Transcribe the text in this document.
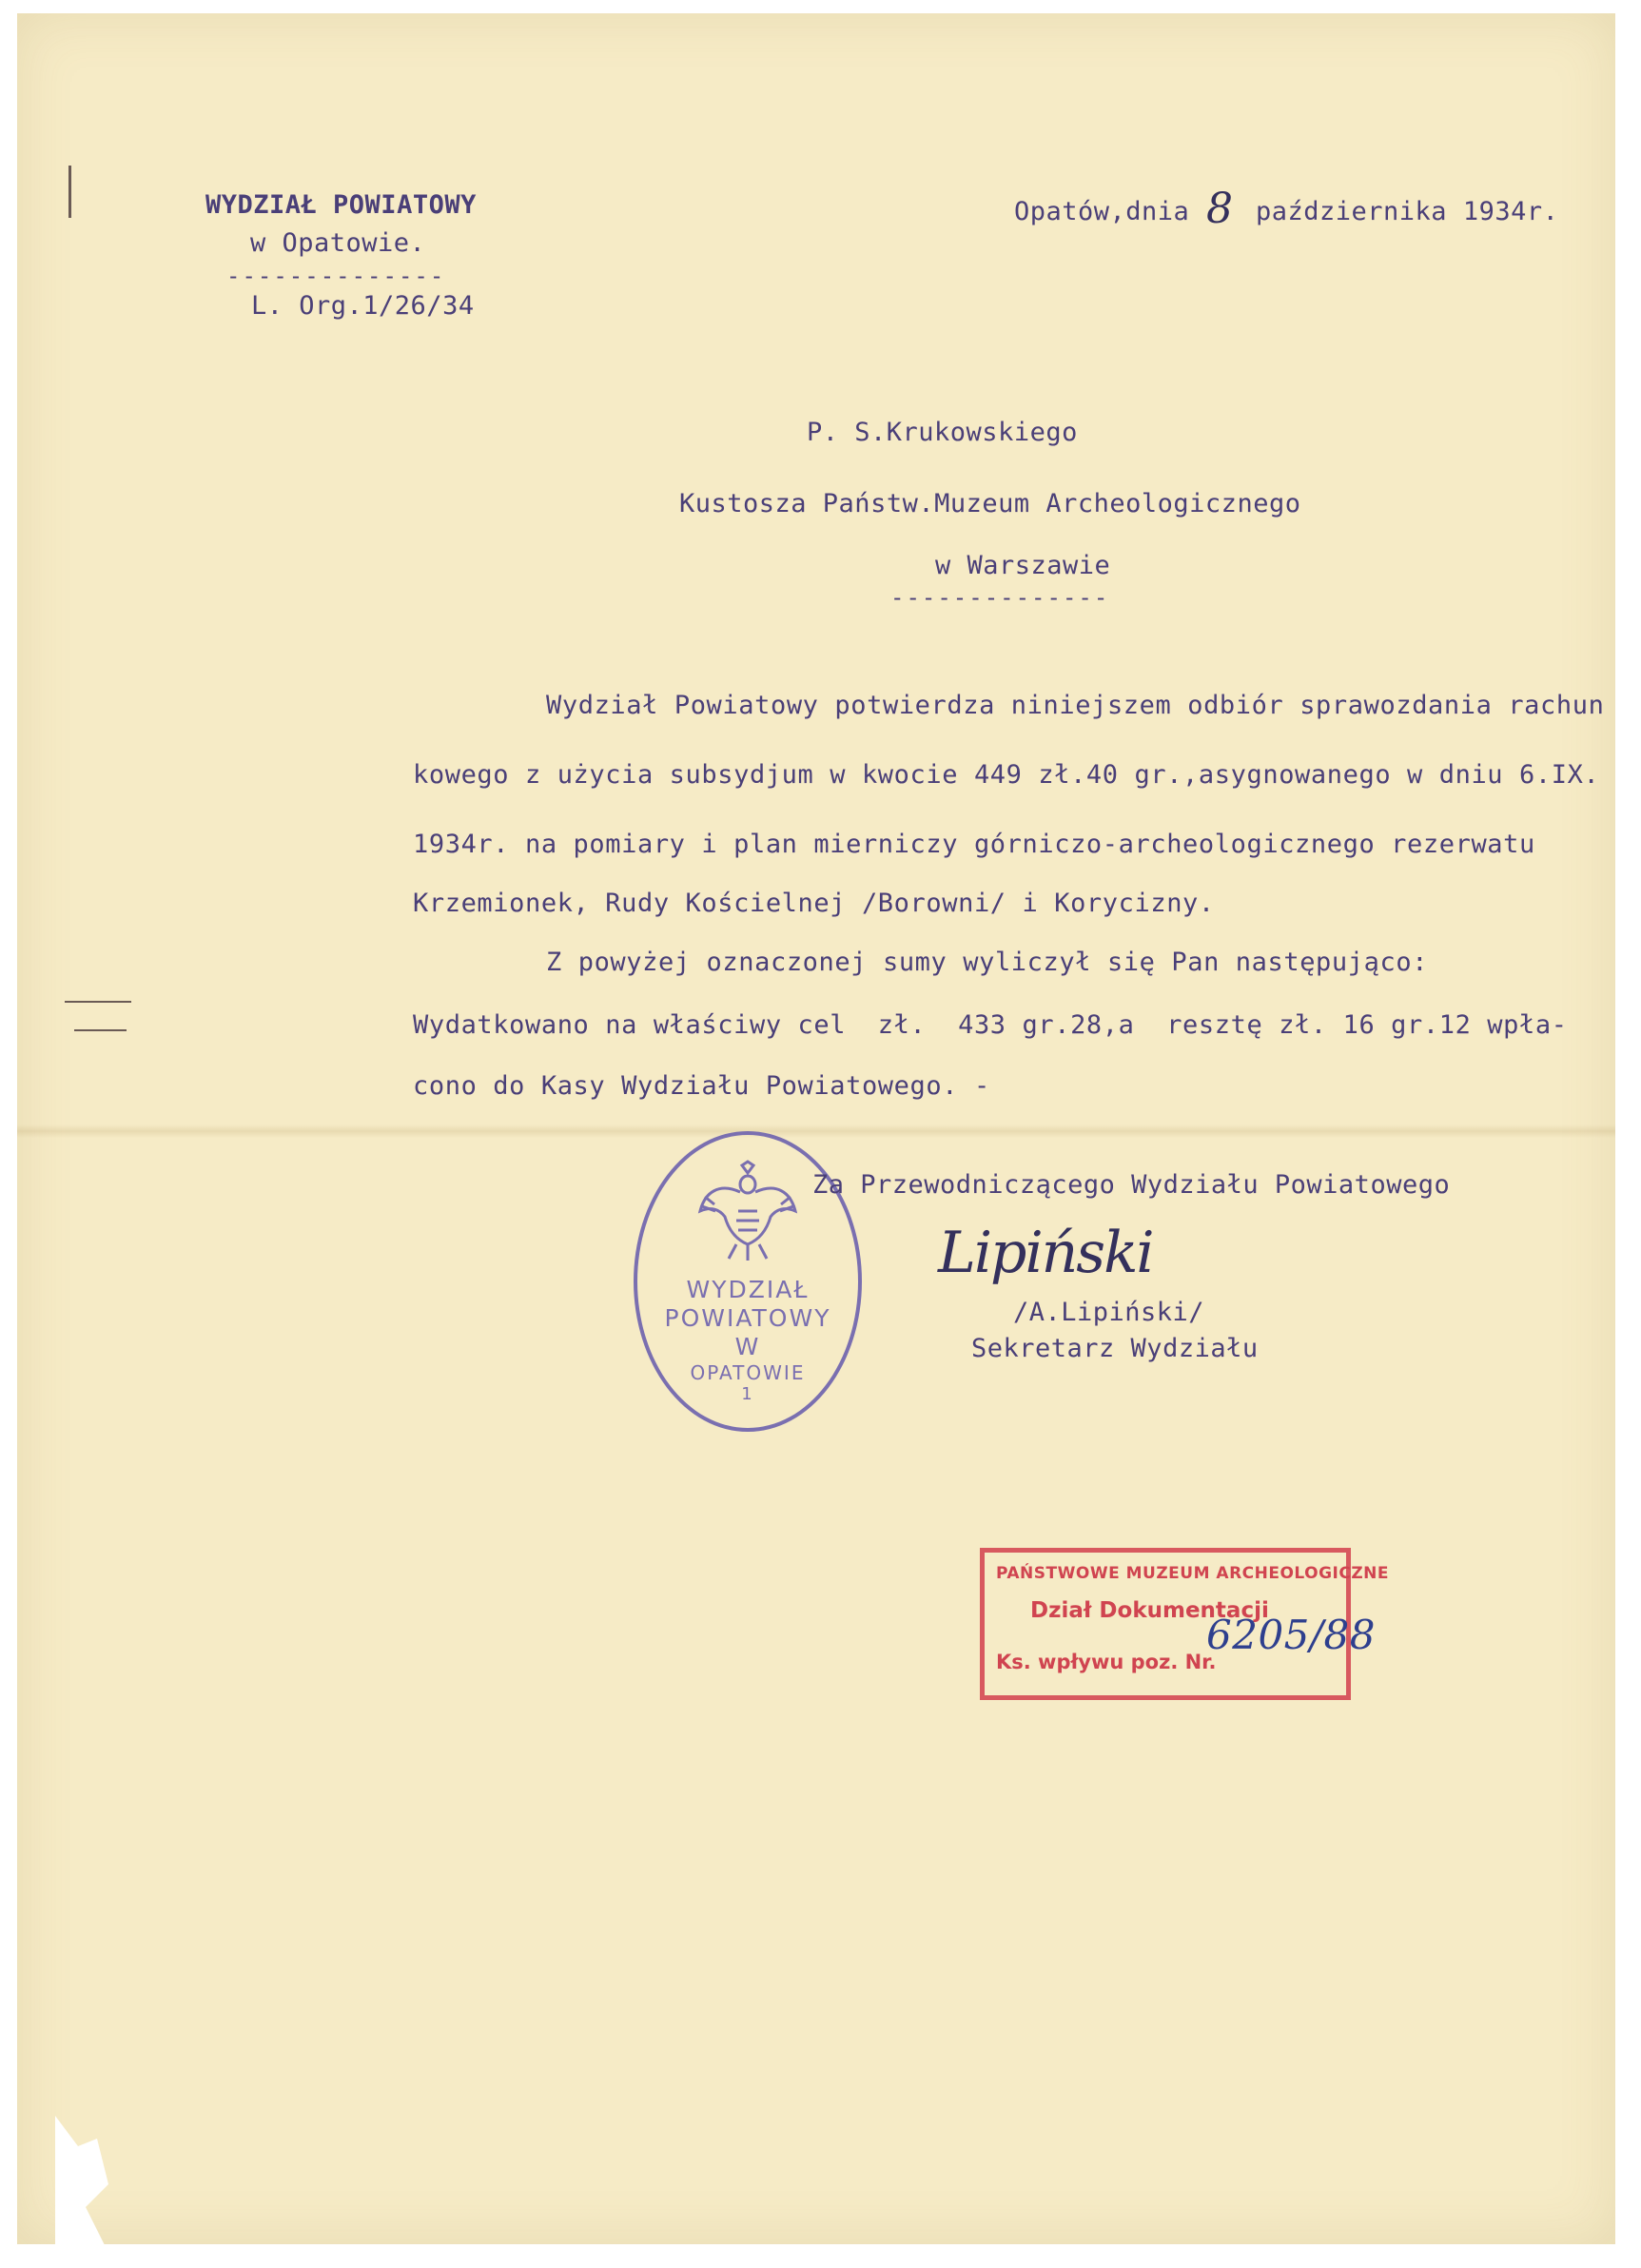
WYDZIAŁ POWIATOWY
w Opatowie.
--------------
L. Org.1/26/34
Opatów,dnia 8 października 1934r.
P. S.Krukowskiego
Kustosza Państw.Muzeum Archeologicznego
w Warszawie
--------------
Wydział Powiatowy potwierdza niniejszem odbiór sprawozdania rachun
kowego z użycia subsydjum w kwocie 449 zł.40 gr.,asygnowanego w dniu 6.IX.
1934r. na pomiary i plan mierniczy górniczo-archeologicznego rezerwatu
Krzemionek, Rudy Kościelnej /Borowni/ i Korycizny.
Z powyżej oznaczonej sumy wyliczył się Pan następująco:
Wydatkowano na właściwy cel  zł.  433 gr.28,a  resztę zł. 16 gr.12 wpła-
cono do Kasy Wydziału Powiatowego. -
WYDZIAŁ
POWIATOWY
W
OPATOWIE
1
Za Przewodniczącego Wydziału Powiatowego
Lipiński
/A.Lipiński/
Sekretarz Wydziału
PAŃSTWOWE MUZEUM ARCHEOLOGICZNE
Dział Dokumentacji
Ks. wpływu poz. Nr.
6205/88
